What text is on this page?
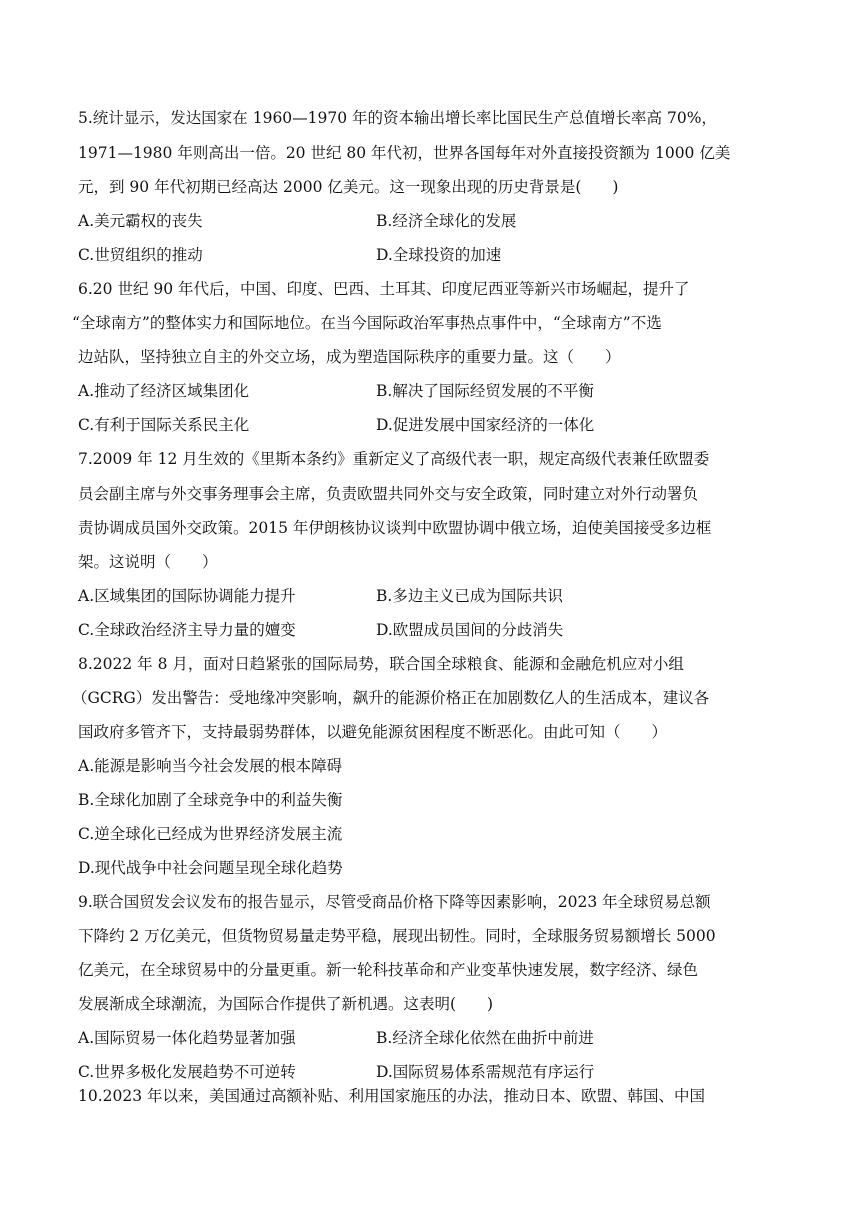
5.统计显示，发达国家在 1960—1970 年的资本输出增长率比国民生产总值增长率高 70%，
1971—1980 年则高出一倍。20 世纪 80 年代初，世界各国每年对外直接投资额为 1000 亿美
元，到 90 年代初期已经高达 2000 亿美元。这一现象出现的历史背景是(　　)
A.美元霸权的丧失	B.经济全球化的发展
C.世贸组织的推动	D.全球投资的加速
6.20 世纪 90 年代后，中国、印度、巴西、土耳其、印度尼西亚等新兴市场崛起，提升了
“全球南方”的整体实力和国际地位。在当今国际政治军事热点事件中，“全球南方”不选
边站队，坚持独立自主的外交立场，成为塑造国际秩序的重要力量。这（　　）
A.推动了经济区域集团化	B.解决了国际经贸发展的不平衡
C.有利于国际关系民主化	D.促进发展中国家经济的一体化
7.2009 年 12 月生效的《里斯本条约》重新定义了高级代表一职，规定高级代表兼任欧盟委
员会副主席与外交事务理事会主席，负责欧盟共同外交与安全政策，同时建立对外行动署负
责协调成员国外交政策。2015 年伊朗核协议谈判中欧盟协调中俄立场，迫使美国接受多边框
架。这说明（　　）
A.区域集团的国际协调能力提升	B.多边主义已成为国际共识
C.全球政治经济主导力量的嬗变	D.欧盟成员国间的分歧消失
8.2022 年 8 月，面对日趋紧张的国际局势，联合国全球粮食、能源和金融危机应对小组
（GCRG）发出警告：受地缘冲突影响，飙升的能源价格正在加剧数亿人的生活成本，建议各
国政府多管齐下，支持最弱势群体，以避免能源贫困程度不断恶化。由此可知（　　）
A.能源是影响当今社会发展的根本障碍
B.全球化加剧了全球竞争中的利益失衡
C.逆全球化已经成为世界经济发展主流
D.现代战争中社会问题呈现全球化趋势
9.联合国贸发会议发布的报告显示，尽管受商品价格下降等因素影响，2023 年全球贸易总额
下降约 2 万亿美元，但货物贸易量走势平稳，展现出韧性。同时，全球服务贸易额增长 5000
亿美元，在全球贸易中的分量更重。新一轮科技革命和产业变革快速发展，数字经济、绿色
发展渐成全球潮流，为国际合作提供了新机遇。这表明(　　)
A.国际贸易一体化趋势显著加强	B.经济全球化依然在曲折中前进
C.世界多极化发展趋势不可逆转	D.国际贸易体系需规范有序运行
10.2023 年以来，美国通过高额补贴、利用国家施压的办法，推动日本、欧盟、韩国、中国
